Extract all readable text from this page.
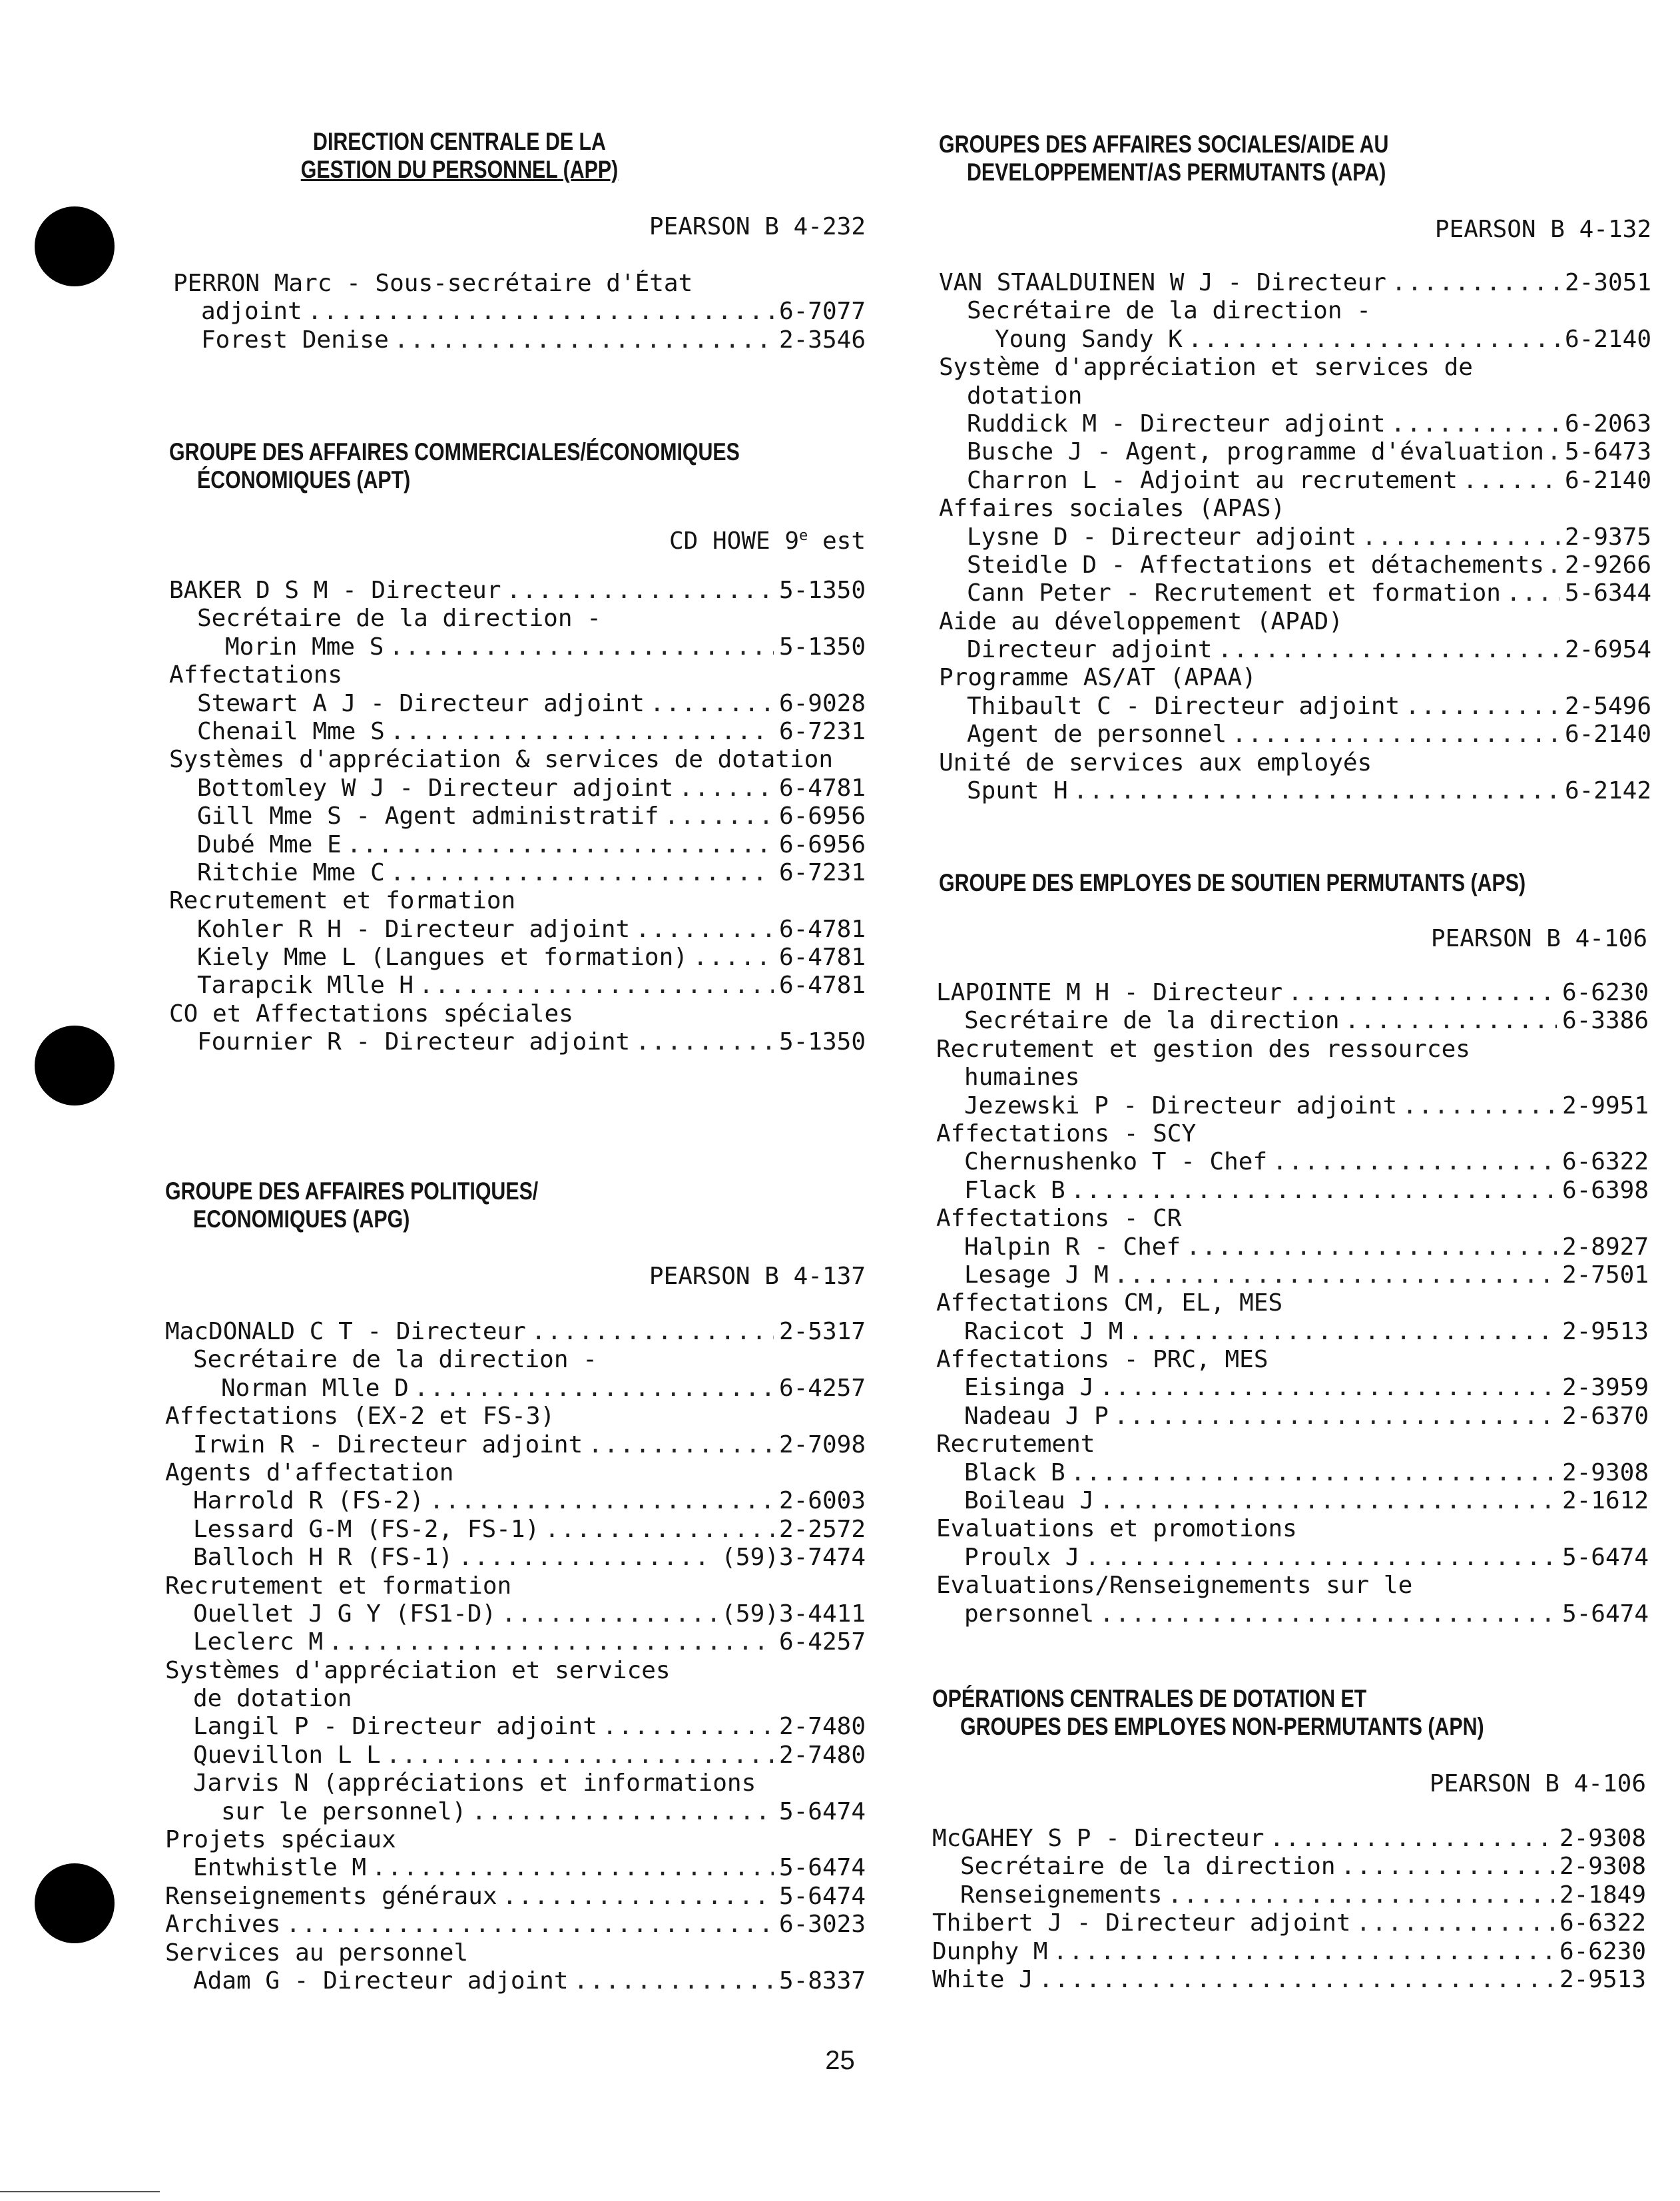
DIRECTION CENTRALE DE LA
GESTION DU PERSONNEL (APP)
PEARSON B 4-232
PERRON Marc - Sous-secrétaire d'État
adjoint .....	6-7077
Forest Denise .....	2-3546
GROUPE DES AFFAIRES COMMERCIALES/ÉCONOMIQUES
ÉCONOMIQUES (APT)
CD HOWE 9e est
BAKER D S M - Directeur .....	5-1350
Secrétaire de la direction -
Morin Mme S .....	5-1350
Affectations
Stewart A J - Directeur adjoint .....	6-9028
Chenail Mme S .....	6-7231
Systèmes d'appréciation & services de dotation
Bottomley W J - Directeur adjoint .....	6-4781
Gill Mme S - Agent administratif .....	6-6956
Dubé Mme E .....	6-6956
Ritchie Mme C .....	6-7231
Recrutement et formation
Kohler R H - Directeur adjoint .....	6-4781
Kiely Mme L (Langues et formation) .....	6-4781
Tarapcik Mlle H .....	6-4781
CO et Affectations spéciales
Fournier R - Directeur adjoint .....	5-1350
GROUPE DES AFFAIRES POLITIQUES/
ECONOMIQUES (APG)
PEARSON B 4-137
MacDONALD C T - Directeur .....	2-5317
Secrétaire de la direction -
Norman Mlle D .....	6-4257
Affectations (EX-2 et FS-3)
Irwin R - Directeur adjoint .....	2-7098
Agents d'affectation
Harrold R (FS-2) .....	2-6003
Lessard G-M (FS-2, FS-1) .....	2-2572
Balloch H R (FS-1) .....	(59)3-7474
Recrutement et formation
Ouellet J G Y (FS1-D) .....	(59)3-4411
Leclerc M .....	6-4257
Systèmes d'appréciation et services
de dotation
Langil P - Directeur adjoint .....	2-7480
Quevillon L L .....	2-7480
Jarvis N (appréciations et informations
sur le personnel) .....	5-6474
Projets spéciaux
Entwhistle M .....	5-6474
Renseignements généraux .....	5-6474
Archives .....	6-3023
Services au personnel
Adam G - Directeur adjoint .....	5-8337
GROUPES DES AFFAIRES SOCIALES/AIDE AU
DEVELOPPEMENT/AS PERMUTANTS (APA)
PEARSON B 4-132
VAN STAALDUINEN W J - Directeur .....	2-3051
Secrétaire de la direction -
Young Sandy K .....	6-2140
Système d'appréciation et services de
dotation
Ruddick M - Directeur adjoint .....	6-2063
Busche J - Agent, programme d'évaluation ..... 5-6473
Charron L - Adjoint au recrutement .....	6-2140
Affaires sociales (APAS)
Lysne D - Directeur adjoint .....	2-9375
Steidle D - Affectations et détachements ..... 2-9266
Cann Peter - Recrutement et formation .....	5-6344
Aide au développement (APAD)
Directeur adjoint .....	2-6954
Programme AS/AT (APAA)
Thibault C - Directeur adjoint .....	2-5496
Agent de personnel .....	6-2140
Unité de services aux employés
Spunt H .....	6-2142
GROUPE DES EMPLOYES DE SOUTIEN PERMUTANTS (APS)
PEARSON B 4-106
LAPOINTE M H - Directeur .....	6-6230
Secrétaire de la direction .....	6-3386
Recrutement et gestion des ressources
humaines
Jezewski P - Directeur adjoint .....	2-9951
Affectations - SCY
Chernushenko T - Chef .....	6-6322
Flack B .....	6-6398
Affectations - CR
Halpin R - Chef .....	2-8927
Lesage J M .....	2-7501
Affectations CM, EL, MES
Racicot J M .....	2-9513
Affectations - PRC, MES
Eisinga J .....	2-3959
Nadeau J P .....	2-6370
Recrutement
Black B .....	2-9308
Boileau J .....	2-1612
Evaluations et promotions
Proulx J .....	5-6474
Evaluations/Renseignements sur le
personnel .....	5-6474
OPÉRATIONS CENTRALES DE DOTATION ET
GROUPES DES EMPLOYES NON-PERMUTANTS (APN)
PEARSON B 4-106
McGAHEY S P - Directeur .....	2-9308
Secrétaire de la direction .....	2-9308
Renseignements .....	2-1849
Thibert J - Directeur adjoint .....	6-6322
Dunphy M .....	6-6230
White J .....	2-9513
25
